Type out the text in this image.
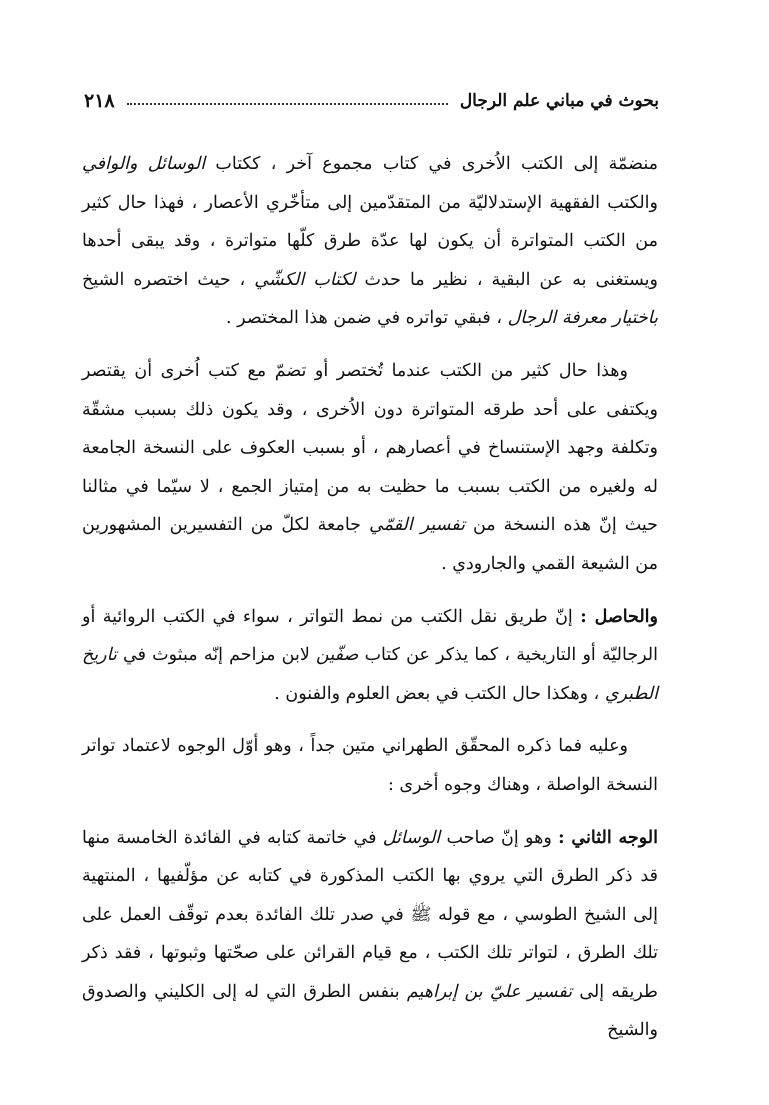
٢١٨	بحوث في مباني علم الرجال

منضمّة إلى الكتب الاُخرى في كتاب مجموع آخر ، ككتاب الوسائل والوافي والكتب الفقهية الإستدلاليّة من المتقدّمين إلى متأخّري الأعصار ، فهذا حال كثير من الكتب المتواترة أن يكون لها عدّة طرق كلّها متواترة ، وقد يبقى أحدها ويستغنى به عن البقية ، نظير ما حدث لكتاب الكشّي ، حيث اختصره الشيخ باختيار معرفة الرجال ، فبقي تواتره في ضمن هذا المختصر .

وهذا حال كثير من الكتب عندما تُختصر أو تضمّ مع كتب اُخرى أن يقتصر ويكتفى على أحد طرقه المتواترة دون الاُخرى ، وقد يكون ذلك بسبب مشقّة وتكلفة وجهد الإستنساخ في أعصارهم ، أو بسبب العكوف على النسخة الجامعة له ولغيره من الكتب بسبب ما حظيت به من إمتياز الجمع ، لا سيّما في مثالنا حيث إنّ هذه النسخة من تفسير القمّي جامعة لكلّ من التفسيرين المشهورين من الشيعة القمي والجارودي .

والحاصل : إنّ طريق نقل الكتب من نمط التواتر ، سواء في الكتب الروائية أو الرجاليّة أو التاريخية ، كما يذكر عن كتاب صفّين لابن مزاحم إنّه مبثوث في تاريخ الطبري ، وهكذا حال الكتب في بعض العلوم والفنون .

وعليه فما ذكره المحقّق الطهراني متين جداً ، وهو أوّل الوجوه لاعتماد تواتر النسخة الواصلة ، وهناك وجوه أخرى :

الوجه الثاني : وهو إنّ صاحب الوسائل في خاتمة كتابه في الفائدة الخامسة منها قد ذكر الطرق التي يروي بها الكتب المذكورة في كتابه عن مؤلّفيها ، المنتهية إلى الشيخ الطوسي ، مع قوله ﷺ في صدر تلك الفائدة بعدم توقّف العمل على تلك الطرق ، لتواتر تلك الكتب ، مع قيام القرائن على صحّتها وثبوتها ، فقد ذكر طريقه إلى تفسير عليّ بن إبراهيم بنفس الطرق التي له إلى الكليني والصدوق والشيخ
